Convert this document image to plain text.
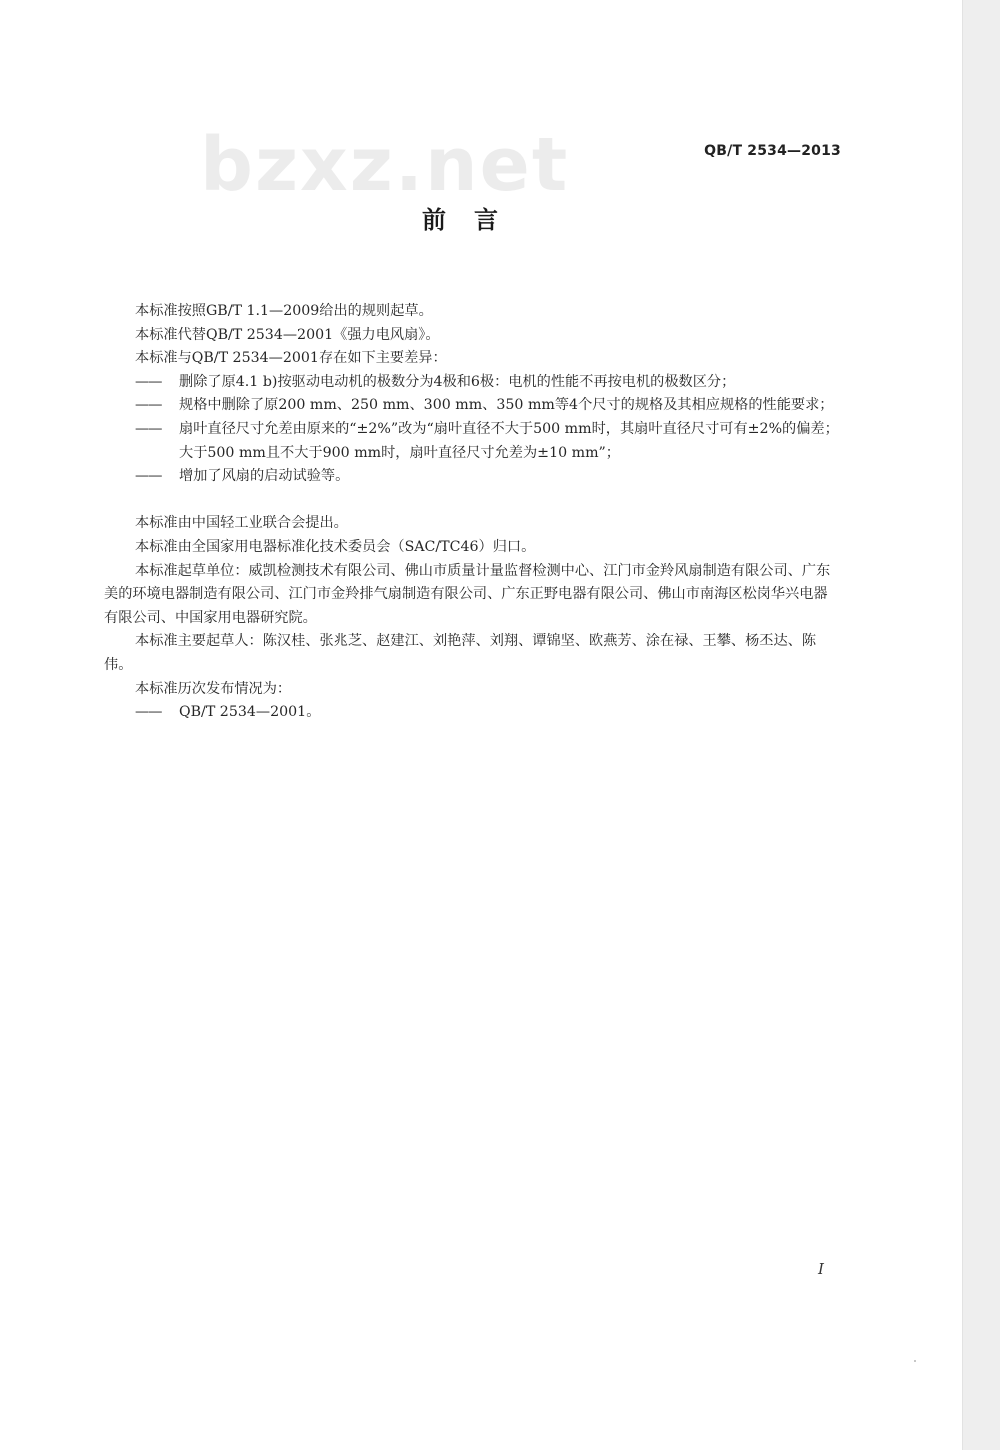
bzxz.net	QB/T 2534—2013
前言

本标准按照GB/T 1.1—2009给出的规则起草。

本标准代替QB/T 2534—2001《强力电风扇》。

本标准与QB/T 2534—2001存在如下主要差异：

—— 删除了原4.1 b)按驱动电动机的极数分为4极和6极：电机的性能不再按电机的极数区分；

—— 规格中删除了原200 mm、250 mm、300 mm、350 mm等4个尺寸的规格及其相应规格的性能要求；

—— 扇叶直径尺寸允差由原来的“±2%”改为“扇叶直径不大于500 mm时，其扇叶直径尺寸可有±2%的偏差；大于500 mm且不大于900 mm时，扇叶直径尺寸允差为±10 mm”；

—— 增加了风扇的启动试验等。

本标准由中国轻工业联合会提出。

本标准由全国家用电器标准化技术委员会（SAC/TC46）归口。

本标准起草单位：威凯检测技术有限公司、佛山市质量计量监督检测中心、江门市金羚风扇制造有限公司、广东美的环境电器制造有限公司、江门市金羚排气扇制造有限公司、广东正野电器有限公司、佛山市南海区松岗华兴电器有限公司、中国家用电器研究院。

本标准主要起草人：陈汉桂、张兆芝、赵建江、刘艳萍、刘翔、谭锦坚、欧燕芳、涂在禄、王攀、杨丕达、陈伟。

本标准历次发布情况为：

—— QB/T 2534—2001。

I
